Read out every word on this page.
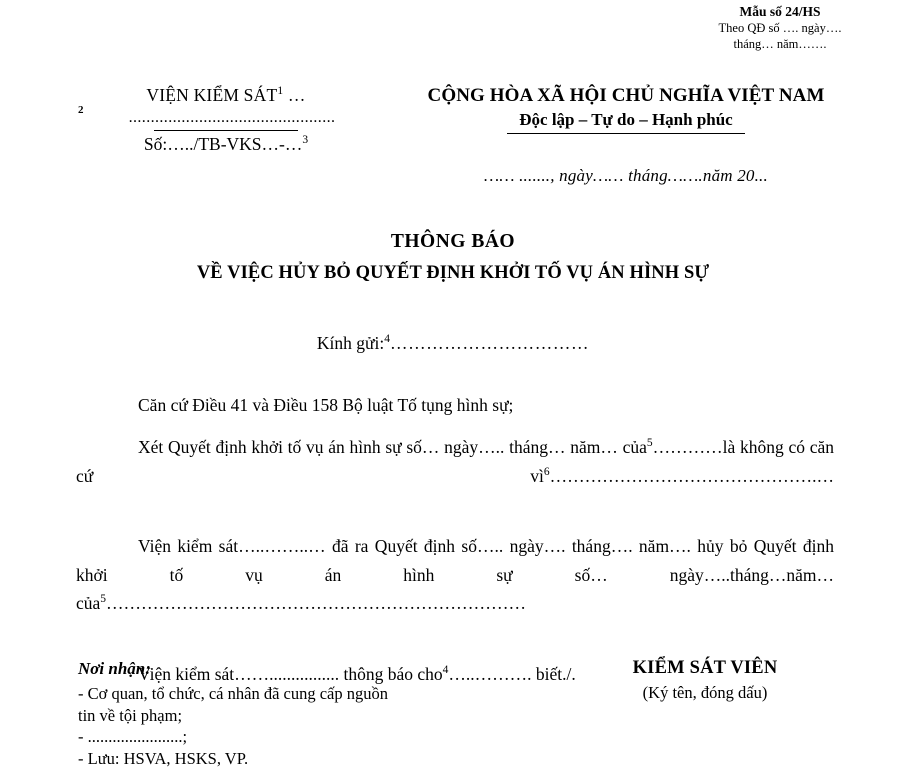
Mẫu số 24/HS
Theo QĐ số …. ngày….
tháng… năm…….
VIỆN KIỂM SÁT$^1$ …
2	...............................................
Số:…../TB-VKS…-…$^3$
CỘNG HÒA XÃ HỘI CHỦ NGHĨA VIỆT NAM
Độc lập – Tự do – Hạnh phúc
…… ......., ngày…… tháng…….năm 20...
THÔNG BÁO
VỀ VIỆC HỦY BỎ QUYẾT ĐỊNH KHỞI TỐ VỤ ÁN HÌNH SỰ
Kính gửi:$^4$……………………………

Căn cứ Điều 41 và Điều 158 Bộ luật Tố tụng hình sự;

Xét Quyết định khởi tố vụ án hình sự số… ngày….. tháng… năm… của$^5$…………là không có căn cứ $vì^6\dots\dots\dots\dots\dots\dots\dots\dots\dots\dots\dots\dots\dots\dots\dots.\dots$

Viện kiểm sát…..……..… đã ra Quyết định số….. ngày…. tháng…. năm…. hủy bỏ Quyết định khởi tố vụ án hình sự số… ngày…..tháng…năm… của$^5$………………………………………………………………

Viện kiểm sát……................ thông báo cho$^4$…..………. biết./.

Nơi nhận:
- Cơ quan, tổ chức, cá nhân đã cung cấp nguồn
tin về tội phạm;
- .......................;
- Lưu: HSVA, HSKS, VP.
KIỂM SÁT VIÊN
(Ký tên, đóng dấu)
